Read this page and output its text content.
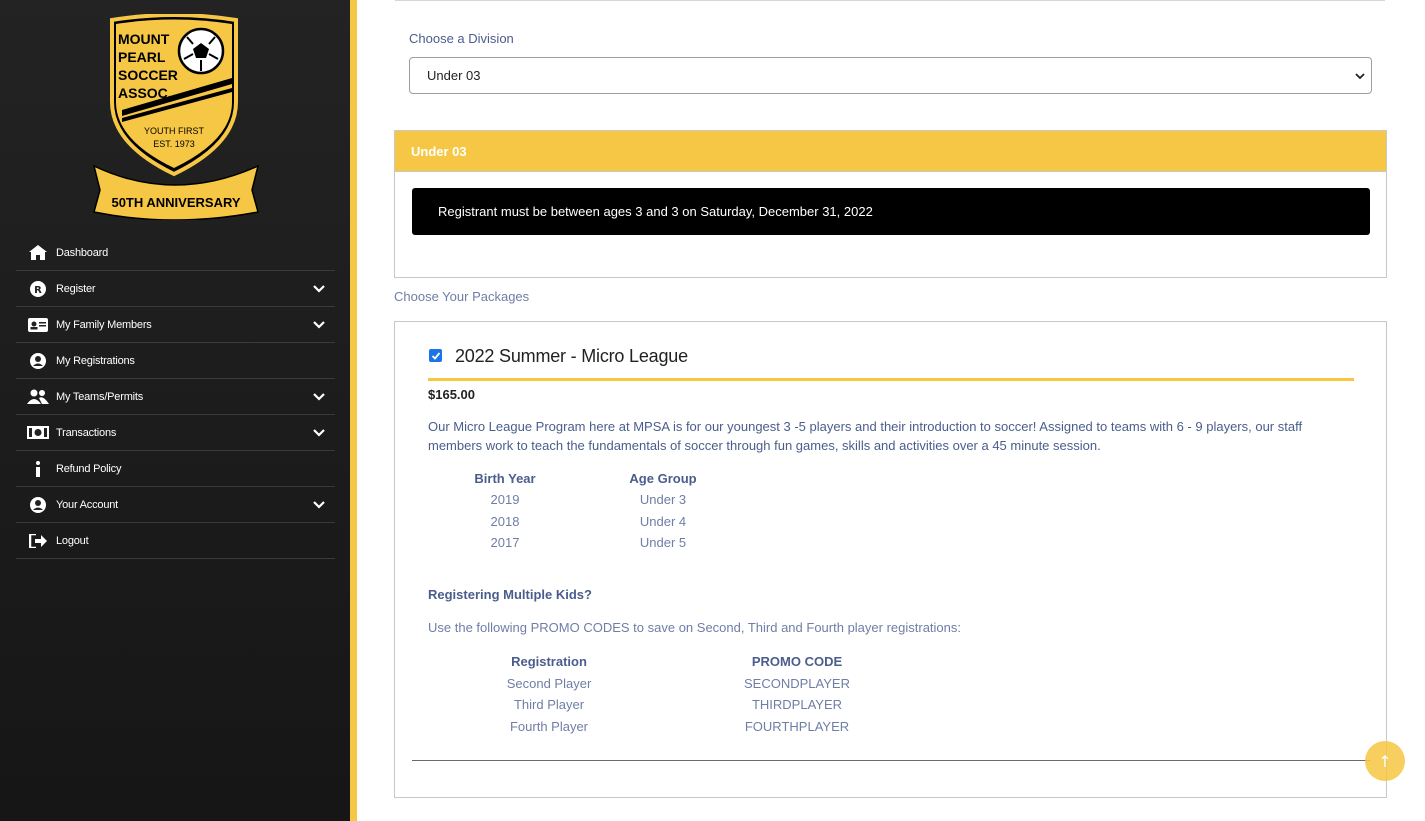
MOUNT
PEARL
SOCCER
ASSOC.
YOUTH FIRST
EST. 1973
50TH ANNIVERSARY
Dashboard
R Register
My Family Members
My Registrations
My Teams/Permits
Transactions
Refund Policy
Your Account
Logout
Choose a Division
Under 03
Under 03
Registrant must be between ages 3 and 3 on Saturday, December 31, 2022
Choose Your Packages
2022 Summer - Micro League
$165.00
Our Micro League Program here at MPSA is for our youngest 3 -5 players and their introduction to soccer! Assigned to teams with 6 - 9 players, our staff members work to teach the fundamentals of soccer through fun games, skills and activities over a 45 minute session.
Birth Year	Age Group
2019	Under 3
2018	Under 4
2017	Under 5
Registering Multiple Kids?
Use the following PROMO CODES to save on Second, Third and Fourth player registrations:
Registration	PROMO CODE
Second Player	SECONDPLAYER
Third Player	THIRDPLAYER
Fourth Player	FOURTHPLAYER
↑
